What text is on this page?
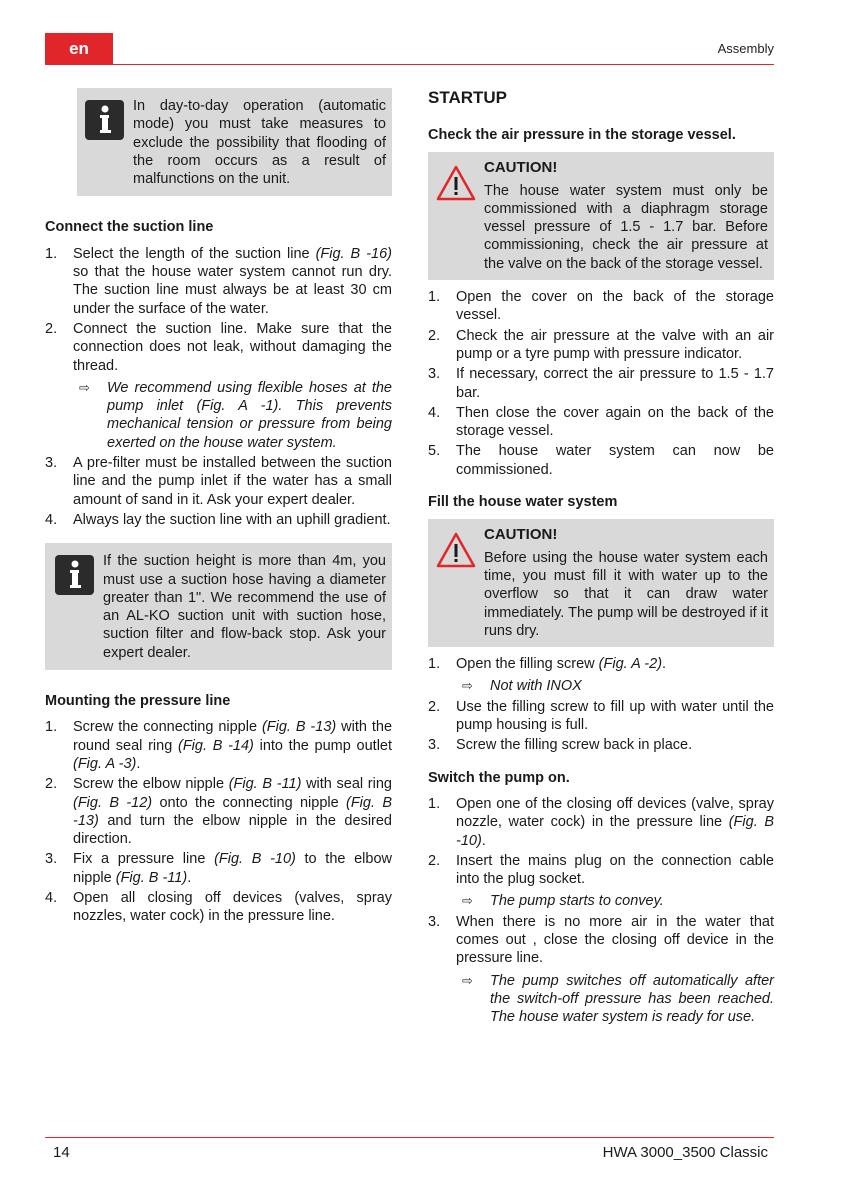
en	Assembly
In day-to-day operation (automatic mode) you must take measures to exclude the possibility that flooding of the room occurs as a result of malfunctions on the unit.
Connect the suction line
1. Select the length of the suction line (Fig. B -16) so that the house water system cannot run dry. The suction line must always be at least 30 cm under the surface of the water.
2. Connect the suction line. Make sure that the connection does not leak, without damaging the thread.
⇨ We recommend using flexible hoses at the pump inlet (Fig. A -1). This prevents mechanical tension or pressure from being exerted on the house water system.
3. A pre-filter must be installed between the suction line and the pump inlet if the water has a small amount of sand in it. Ask your expert dealer.
4. Always lay the suction line with an uphill gradient.
If the suction height is more than 4m, you must use a suction hose having a diameter greater than 1". We recommend the use of an AL-KO suction unit with suction hose, suction filter and flow-back stop. Ask your expert dealer.
Mounting the pressure line
1. Screw the connecting nipple (Fig. B -13) with the round seal ring (Fig. B -14) into the pump outlet (Fig. A -3).
2. Screw the elbow nipple (Fig. B -11) with seal ring (Fig. B -12) onto the connecting nipple (Fig. B -13) and turn the elbow nipple in the desired direction.
3. Fix a pressure line (Fig. B -10) to the elbow nipple (Fig. B -11).
4. Open all closing off devices (valves, spray nozzles, water cock) in the pressure line.
STARTUP
Check the air pressure in the storage vessel.
CAUTION!
The house water system must only be commissioned with a diaphragm storage vessel pressure of 1.5 - 1.7 bar. Before commissioning, check the air pressure at the valve on the back of the storage vessel.
1. Open the cover on the back of the storage vessel.
2. Check the air pressure at the valve with an air pump or a tyre pump with pressure indicator.
3. If necessary, correct the air pressure to 1.5 - 1.7 bar.
4. Then close the cover again on the back of the storage vessel.
5. The house water system can now be commissioned.
Fill the house water system
CAUTION!
Before using the house water system each time, you must fill it with water up to the overflow so that it can draw water immediately. The pump will be destroyed if it runs dry.
1. Open the filling screw (Fig. A -2).
⇨ Not with INOX
2. Use the filling screw to fill up with water until the pump housing is full.
3. Screw the filling screw back in place.
Switch the pump on.
1. Open one of the closing off devices (valve, spray nozzle, water cock) in the pressure line (Fig. B -10).
2. Insert the mains plug on the connection cable into the plug socket.
⇨ The pump starts to convey.
3. When there is no more air in the water that comes out , close the closing off device in the pressure line.
⇨ The pump switches off automatically after the switch-off pressure has been reached. The house water system is ready for use.
14	HWA 3000_3500 Classic
